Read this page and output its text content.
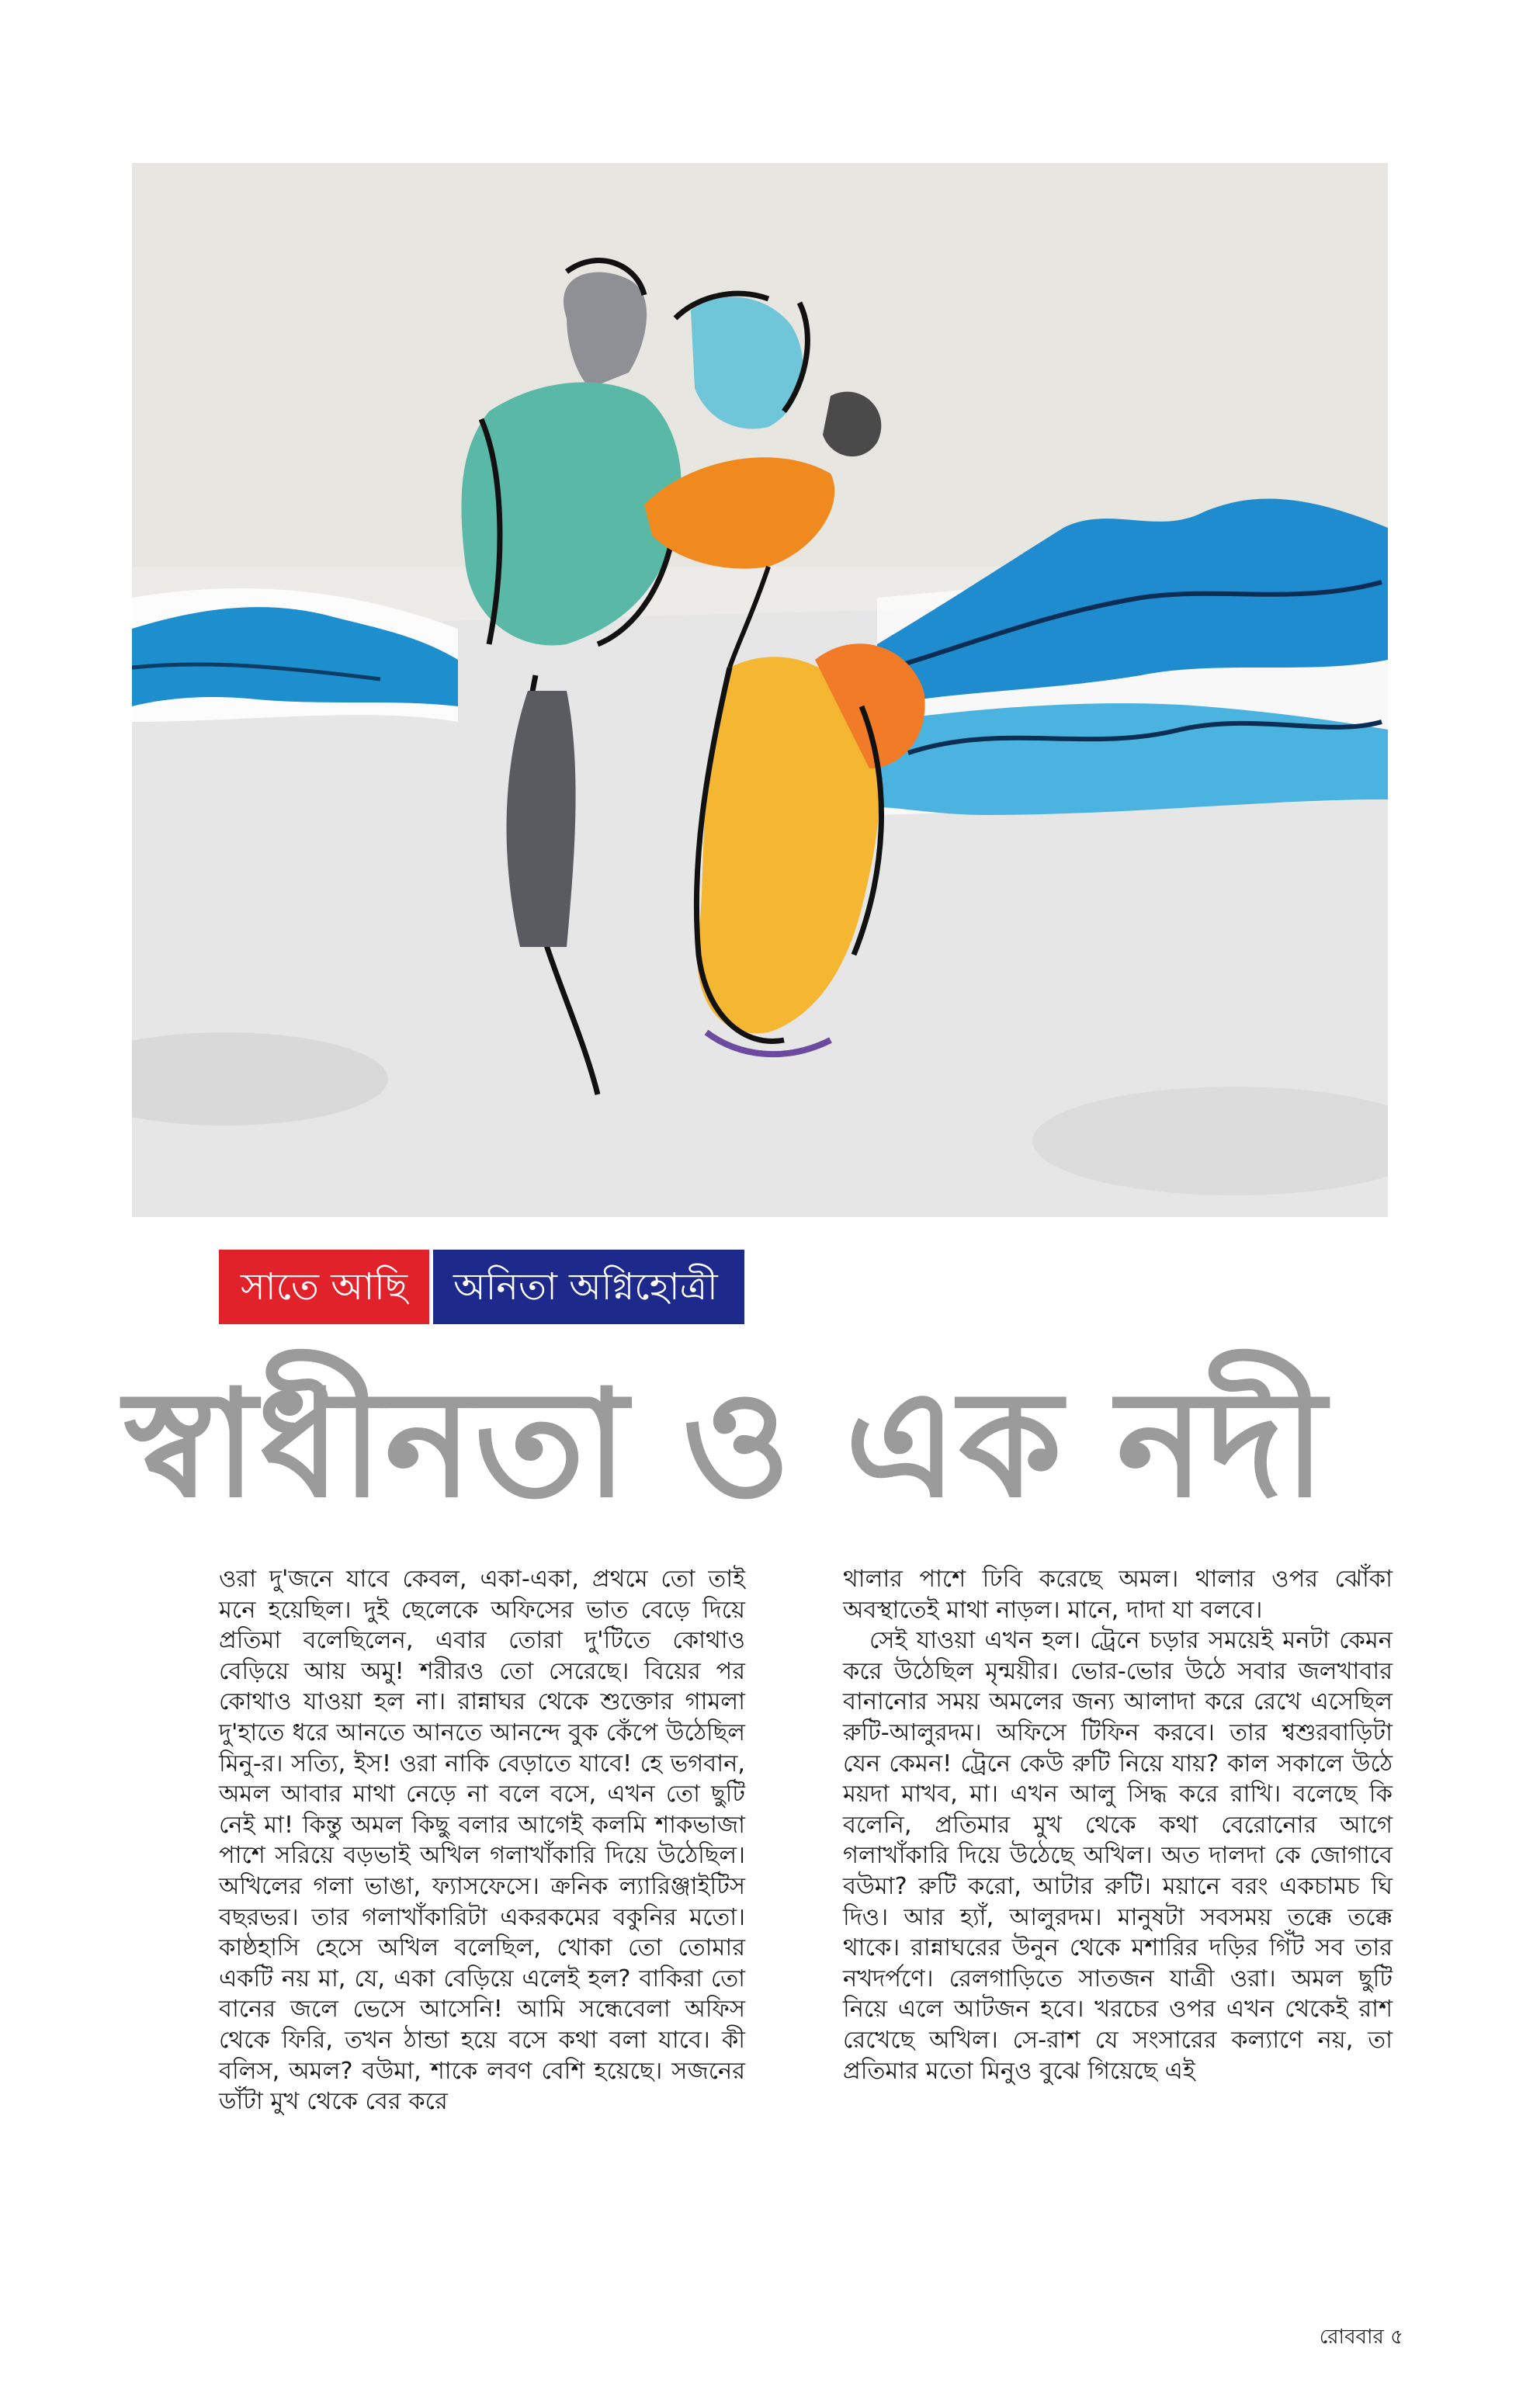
সাতে আছি	অনিতা অগ্নিহোত্রী
স্বাধীনতা ও এক নদী

ওরা দু'জনে যাবে কেবল, একা-একা, প্রথমে তো তাই মনে হয়েছিল। দুই ছেলেকে অফিসের ভাত বেড়ে দিয়ে প্রতিমা বলেছিলেন, এবার তোরা দু'টিতে কোথাও বেড়িয়ে আয় অমু! শরীরও তো সেরেছে। বিয়ের পর কোথাও যাওয়া হল না। রান্নাঘর থেকে শুক্তোর গামলা দু'হাতে ধরে আনতে আনতে আনন্দে বুক কেঁপে উঠেছিল মিনু-র। সত্যি, ইস! ওরা নাকি বেড়াতে যাবে! হে ভগবান, অমল আবার মাথা নেড়ে না বলে বসে, এখন তো ছুটি নেই মা! কিন্তু অমল কিছু বলার আগেই কলমি শাকভাজা পাশে সরিয়ে বড়ভাই অখিল গলাখাঁকারি দিয়ে উঠেছিল। অখিলের গলা ভাঙা, ফ্যাসফেসে। ক্রনিক ল্যারিঞ্জাইটিস বছরভর। তার গলাখাঁকারিটা একরকমের বকুনির মতো। কাষ্ঠহাসি হেসে অখিল বলেছিল, খোকা তো তোমার একটি নয় মা, যে, একা বেড়িয়ে এলেই হল? বাকিরা তো বানের জলে ভেসে আসেনি! আমি সন্ধেবেলা অফিস থেকে ফিরি, তখন ঠান্ডা হয়ে বসে কথা বলা যাবে। কী বলিস, অমল? বউমা, শাকে লবণ বেশি হয়েছে। সজনের ডাঁটা মুখ থেকে বের করে

থালার পাশে ঢিবি করেছে অমল। থালার ওপর ঝোঁকা অবস্থাতেই মাথা নাড়ল। মানে, দাদা যা বলবে।

সেই যাওয়া এখন হল। ট্রেনে চড়ার সময়েই মনটা কেমন করে উঠেছিল মৃন্ময়ীর। ভোর-ভোর উঠে সবার জলখাবার বানানোর সময় অমলের জন্য আলাদা করে রেখে এসেছিল রুটি-আলুরদম। অফিসে টিফিন করবে। তার শ্বশুরবাড়িটা যেন কেমন! ট্রেনে কেউ রুটি নিয়ে যায়? কাল সকালে উঠে ময়দা মাখব, মা। এখন আলু সিদ্ধ করে রাখি। বলেছে কি বলেনি, প্রতিমার মুখ থেকে কথা বেরোনোর আগে গলাখাঁকারি দিয়ে উঠেছে অখিল। অত দালদা কে জোগাবে বউমা? রুটি করো, আটার রুটি। ময়ানে বরং একচামচ ঘি দিও। আর হ্যাঁ, আলুরদম। মানুষটা সবসময় তক্কে তক্কে থাকে। রান্নাঘরের উনুন থেকে মশারির দড়ির গিঁট সব তার নখদর্পণে। রেলগাড়িতে সাতজন যাত্রী ওরা। অমল ছুটি নিয়ে এলে আটজন হবে। খরচের ওপর এখন থেকেই রাশ রেখেছে অখিল। সে-রাশ যে সংসারের কল্যাণে নয়, তা প্রতিমার মতো মিনুও বুঝে গিয়েছে এই

রোববার ৫
